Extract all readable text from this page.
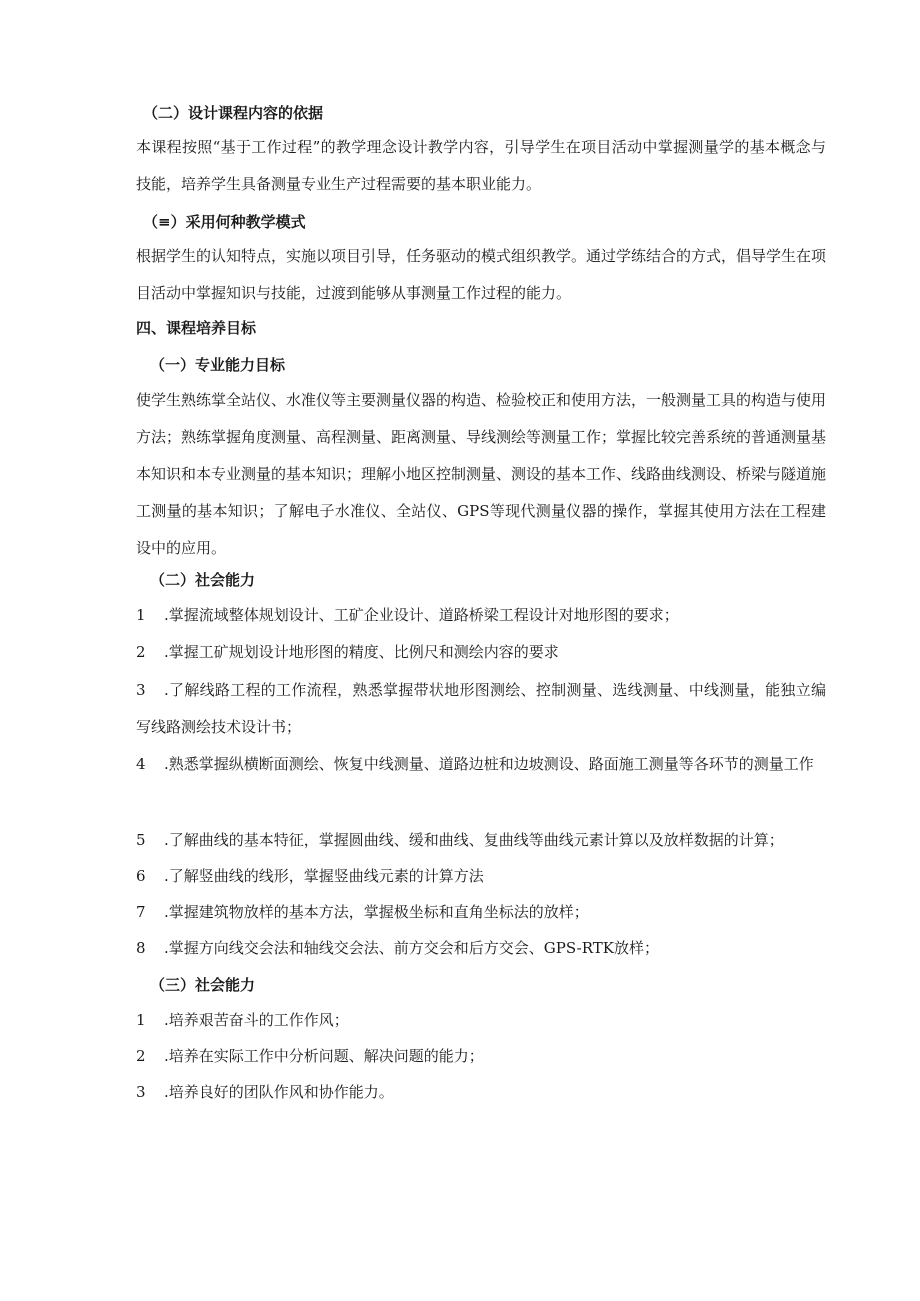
（二）设计课程内容的依据

本课程按照“基于工作过程”的教学理念设计教学内容，引导学生在项目活动中掌握测量学的基本概念与技能，培养学生具备测量专业生产过程需要的基本职业能力。

（≡）采用何种教学模式

根据学生的认知特点，实施以项目引导，任务驱动的模式组织教学。通过学练结合的方式，倡导学生在项目活动中掌握知识与技能，过渡到能够从事测量工作过程的能力。

四、课程培养目标

（一）专业能力目标

使学生熟练掌全站仪、水准仪等主要测量仪器的构造、检验校正和使用方法，一般测量工具的构造与使用方法；熟练掌握角度测量、高程测量、距离测量、导线测绘等测量工作；掌握比较完善系统的普通测量基本知识和本专业测量的基本知识；理解小地区控制测量、测设的基本工作、线路曲线测设、桥梁与隧道施工测量的基本知识；了解电子水准仪、全站仪、GPS等现代测量仪器的操作，掌握其使用方法在工程建设中的应用。

（二）社会能力

1 .掌握流域整体规划设计、工矿企业设计、道路桥梁工程设计对地形图的要求；

2 .掌握工矿规划设计地形图的精度、比例尺和测绘内容的要求

3 .了解线路工程的工作流程，熟悉掌握带状地形图测绘、控制测量、选线测量、中线测量，能独立编写线路测绘技术设计书；

4 .熟悉掌握纵横断面测绘、恢复中线测量、道路边桩和边坡测设、路面施工测量等各环节的测量工作

5 .了解曲线的基本特征，掌握圆曲线、缓和曲线、复曲线等曲线元素计算以及放样数据的计算；

6 .了解竖曲线的线形，掌握竖曲线元素的计算方法

7 .掌握建筑物放样的基本方法，掌握极坐标和直角坐标法的放样；

8 .掌握方向线交会法和轴线交会法、前方交会和后方交会、GPS-RTK放样；

（三）社会能力

1 .培养艰苦奋斗的工作作风；

2 .培养在实际工作中分析问题、解决问题的能力；

3 .培养良好的团队作风和协作能力。
